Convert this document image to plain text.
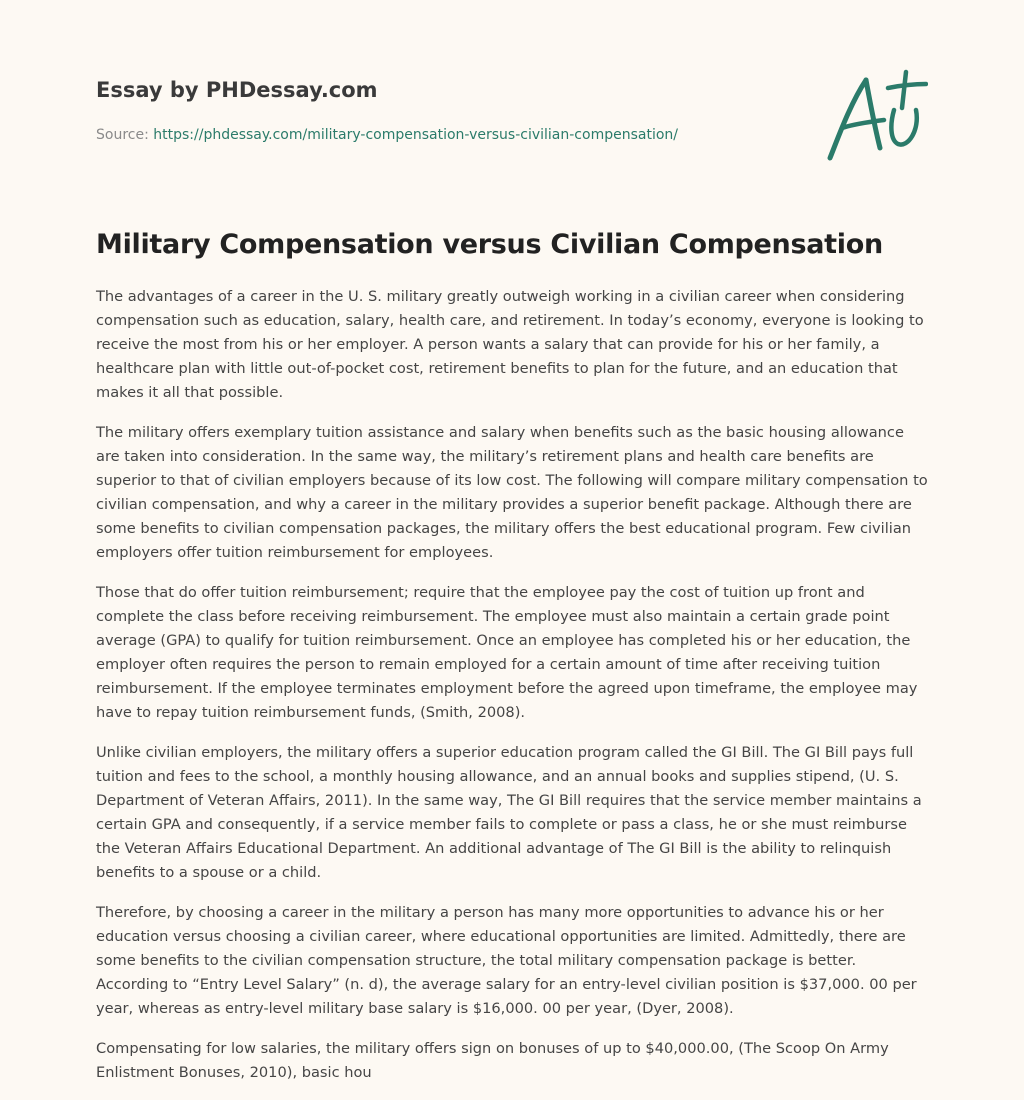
Essay by PHDessay.com
Source: https://phdessay.com/military-compensation-versus-civilian-compensation/
Military Compensation versus Civilian Compensation

The advantages of a career in the U. S. military greatly outweigh working in a civilian career when considering compensation such as education, salary, health care, and retirement. In today’s economy, everyone is looking to receive the most from his or her employer. A person wants a salary that can provide for his or her family, a healthcare plan with little out-of-pocket cost, retirement benefits to plan for the future, and an education that makes it all that possible.

The military offers exemplary tuition assistance and salary when benefits such as the basic housing allowance are taken into consideration. In the same way, the military’s retirement plans and health care benefits are superior to that of civilian employers because of its low cost. The following will compare military compensation to civilian compensation, and why a career in the military provides a superior benefit package. Although there are some benefits to civilian compensation packages, the military offers the best educational program. Few civilian employers offer tuition reimbursement for employees.

Those that do offer tuition reimbursement; require that the employee pay the cost of tuition up front and complete the class before receiving reimbursement. The employee must also maintain a certain grade point average (GPA) to qualify for tuition reimbursement. Once an employee has completed his or her education, the employer often requires the person to remain employed for a certain amount of time after receiving tuition reimbursement. If the employee terminates employment before the agreed upon timeframe, the employee may have to repay tuition reimbursement funds, (Smith, 2008).

Unlike civilian employers, the military offers a superior education program called the GI Bill. The GI Bill pays full tuition and fees to the school, a monthly housing allowance, and an annual books and supplies stipend, (U. S. Department of Veteran Affairs, 2011). In the same way, The GI Bill requires that the service member maintains a certain GPA and consequently, if a service member fails to complete or pass a class, he or she must reimburse the Veteran Affairs Educational Department. An additional advantage of The GI Bill is the ability to relinquish benefits to a spouse or a child.

Therefore, by choosing a career in the military a person has many more opportunities to advance his or her education versus choosing a civilian career, where educational opportunities are limited. Admittedly, there are some benefits to the civilian compensation structure, the total military compensation package is better. According to “Entry Level Salary” (n. d), the average salary for an entry-level civilian position is $37,000. 00 per year, whereas as entry-level military base salary is $16,000. 00 per year, (Dyer, 2008).

Compensating for low salaries, the military offers sign on bonuses of up to $40,000.00, (The Scoop On Army Enlistment Bonuses, 2010), basic hou
